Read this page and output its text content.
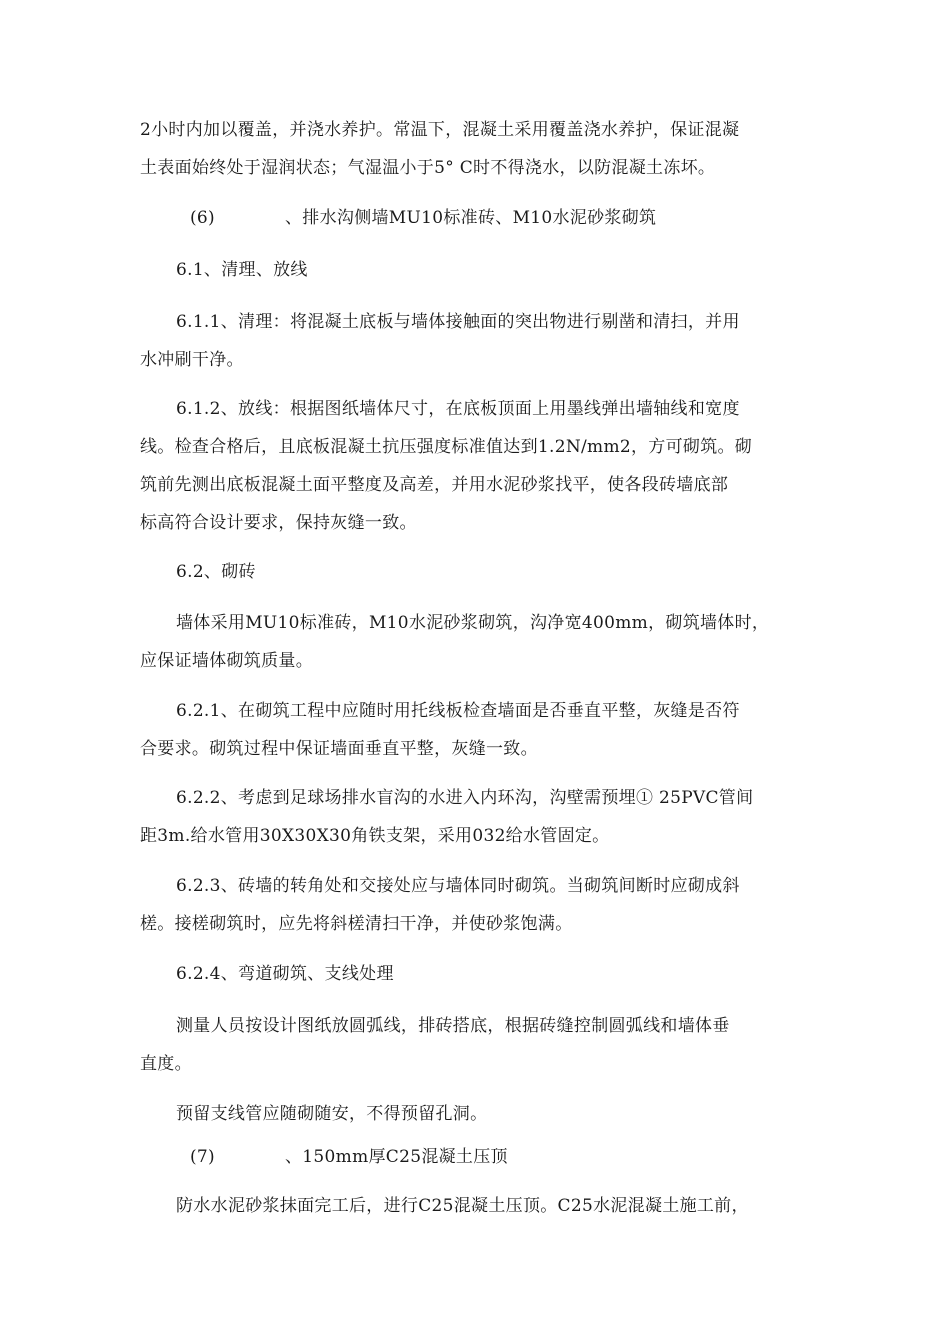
2小时内加以覆盖，并浇水养护。常温下，混凝土采用覆盖浇水养护，保证混凝
土表面始终处于湿润状态；气湿温小于5° C时不得浇水，以防混凝土冻坏。
(6)	、排水沟侧墙MU10标准砖、M10水泥砂浆砌筑
6.1、清理、放线
6.1.1、清理：将混凝土底板与墙体接触面的突出物进行剔凿和清扫，并用
水冲刷干净。
6.1.2、放线：根据图纸墙体尺寸，在底板顶面上用墨线弹出墙轴线和宽度
线。检查合格后，且底板混凝土抗压强度标准值达到1.2N/mm2，方可砌筑。砌
筑前先测出底板混凝土面平整度及高差，并用水泥砂浆找平，使各段砖墙底部
标高符合设计要求，保持灰缝一致。
6.2、砌砖
墙体采用MU10标准砖，M10水泥砂浆砌筑，沟净宽400mm，砌筑墙体时，
应保证墙体砌筑质量。
6.2.1、在砌筑工程中应随时用托线板检查墙面是否垂直平整，灰缝是否符
合要求。砌筑过程中保证墙面垂直平整，灰缝一致。
6.2.2、考虑到足球场排水盲沟的水进入内环沟，沟壁需预埋① 25PVC管间
距3m.给水管用30X30X30角铁支架，采用032给水管固定。
6.2.3、砖墙的转角处和交接处应与墙体同时砌筑。当砌筑间断时应砌成斜
槎。接槎砌筑时，应先将斜槎清扫干净，并使砂浆饱满。
6.2.4、弯道砌筑、支线处理
测量人员按设计图纸放圆弧线，排砖搭底，根据砖缝控制圆弧线和墙体垂
直度。
预留支线管应随砌随安，不得预留孔洞。
(7)	、150mm厚C25混凝土压顶
防水水泥砂浆抹面完工后，进行C25混凝土压顶。C25水泥混凝土施工前，
